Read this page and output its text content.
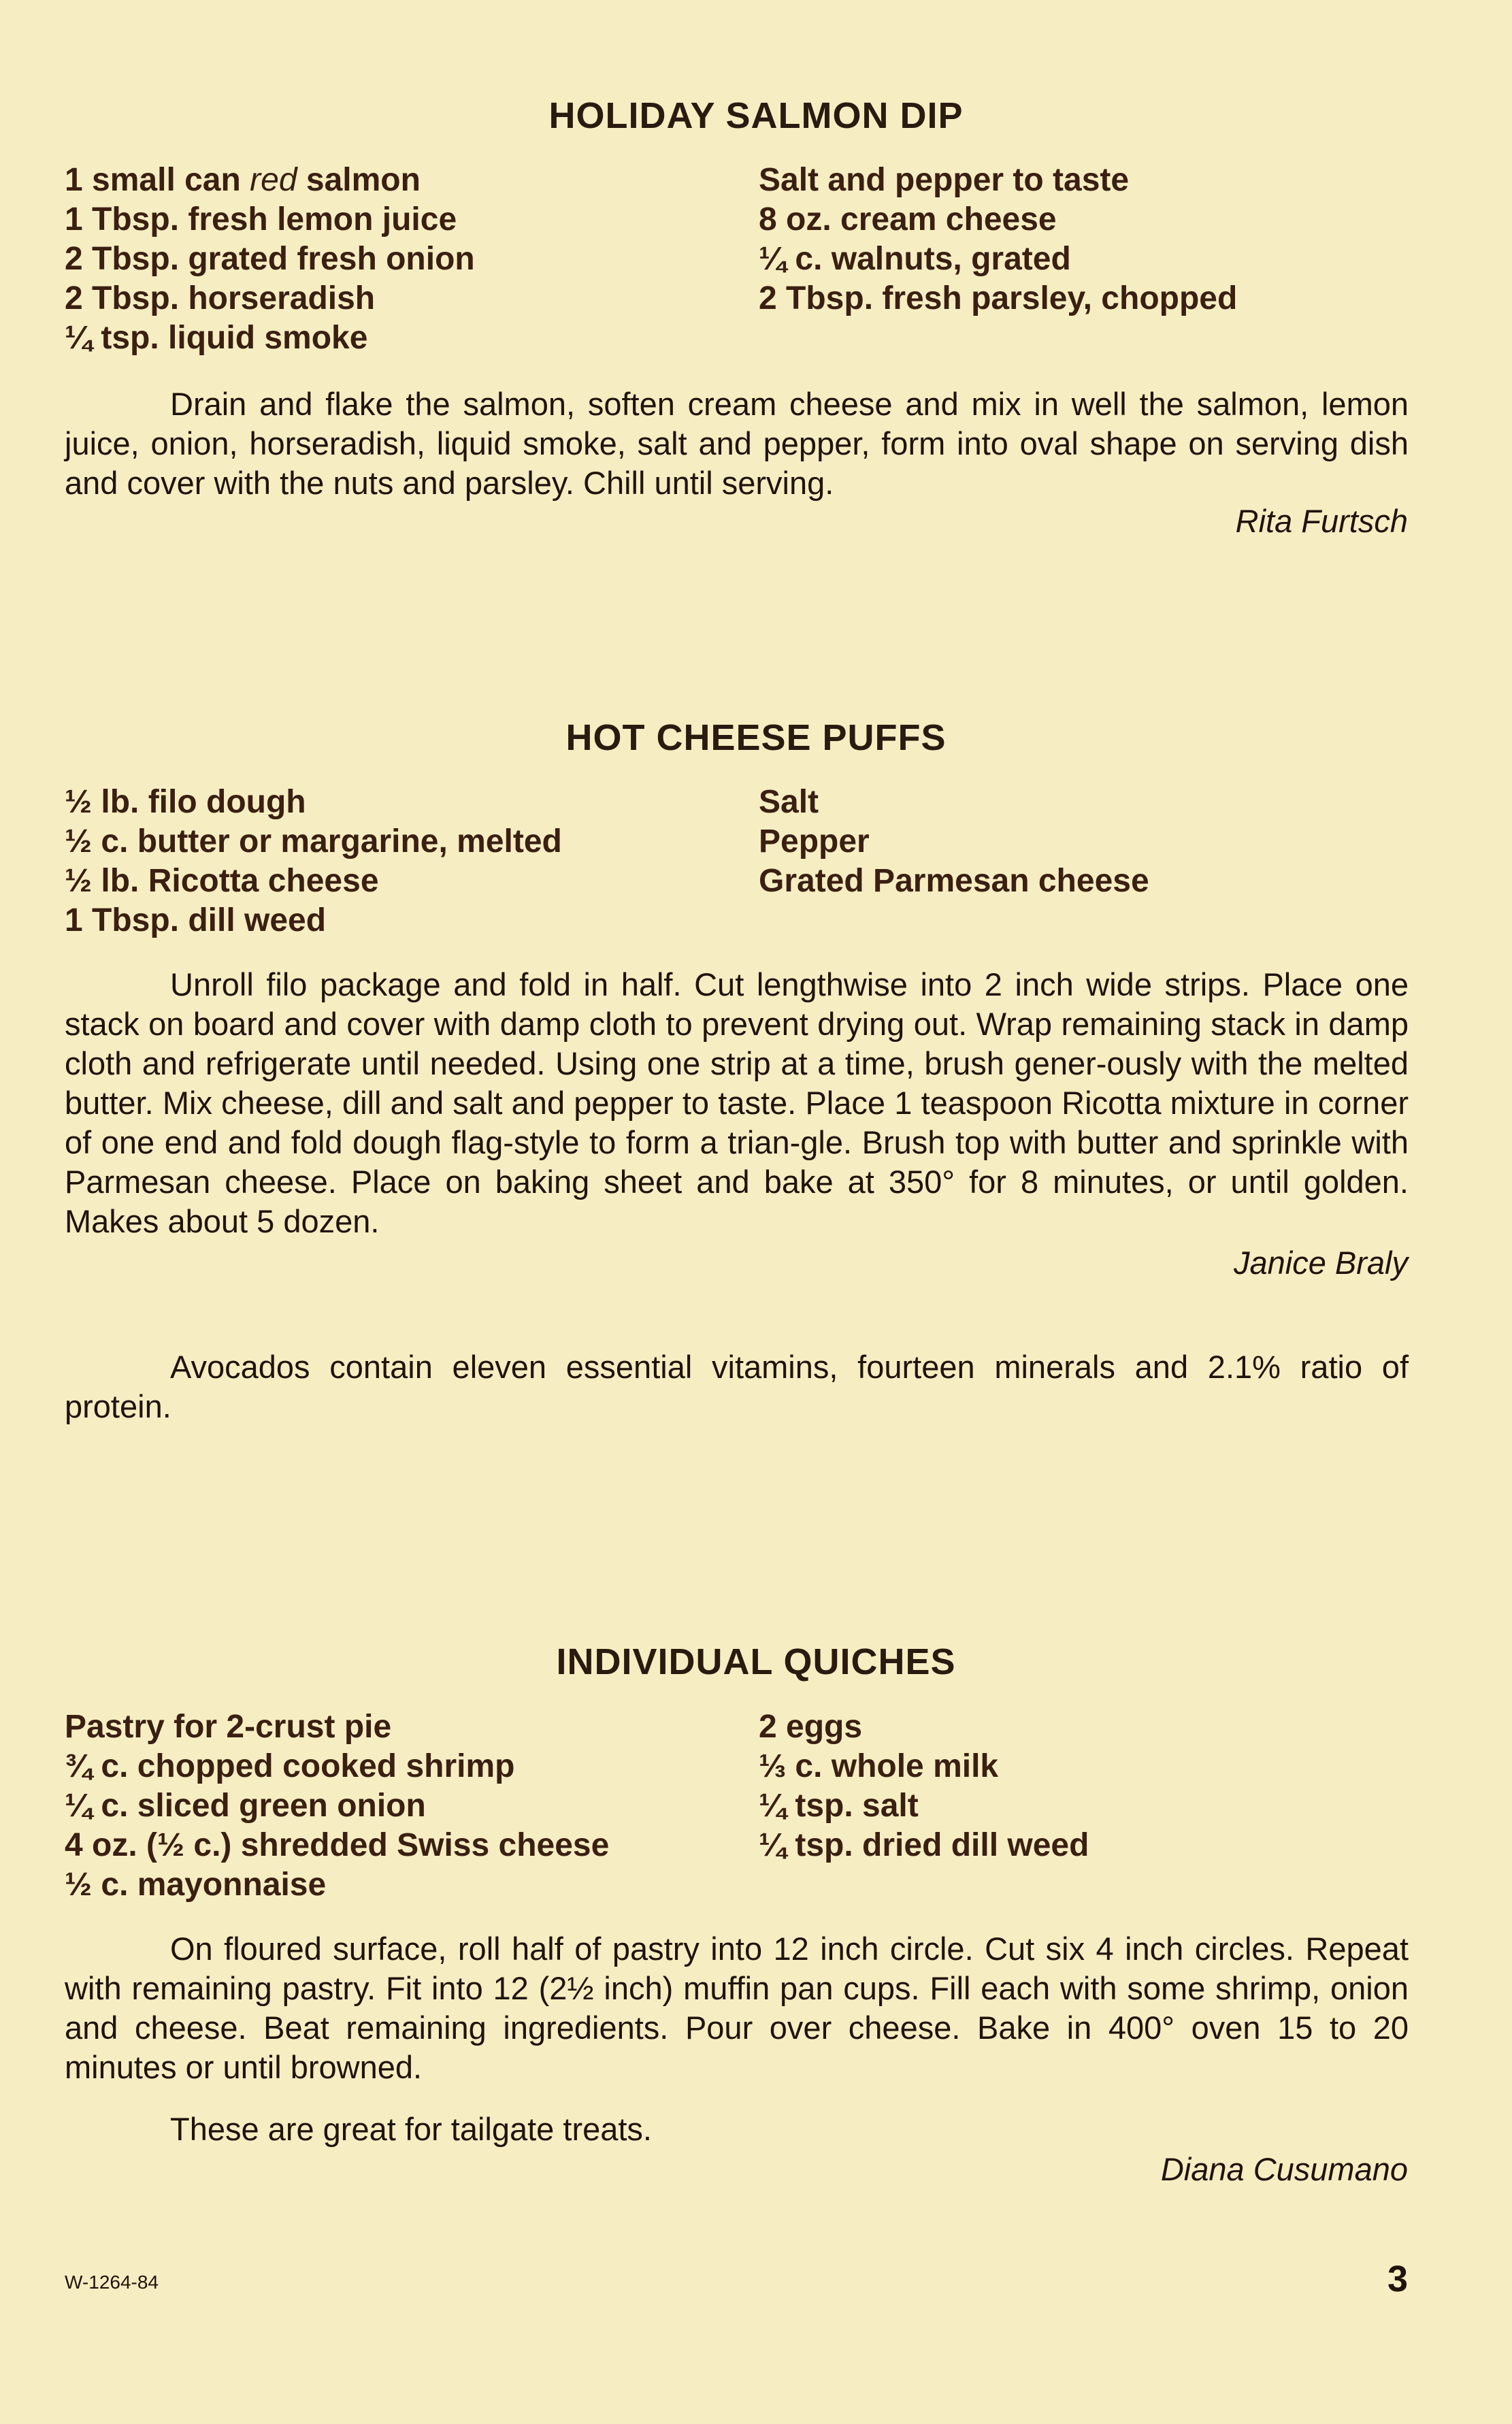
HOLIDAY SALMON DIP
1 small can red salmon
1 Tbsp. fresh lemon juice
2 Tbsp. grated fresh onion
2 Tbsp. horseradish
¼ tsp. liquid smoke
Salt and pepper to taste
8 oz. cream cheese
¼ c. walnuts, grated
2 Tbsp. fresh parsley, chopped
Drain and flake the salmon, soften cream cheese and mix in well the salmon, lemon juice, onion, horseradish, liquid smoke, salt and pepper, form into oval shape on serving dish and cover with the nuts and parsley. Chill until serving.
Rita Furtsch
HOT CHEESE PUFFS
½ lb. filo dough
½ c. butter or margarine, melted
½ lb. Ricotta cheese
1 Tbsp. dill weed
Salt
Pepper
Grated Parmesan cheese
Unroll filo package and fold in half. Cut lengthwise into 2 inch wide strips. Place one stack on board and cover with damp cloth to prevent drying out. Wrap remaining stack in damp cloth and refrigerate until needed. Using one strip at a time, brush gener-ously with the melted butter. Mix cheese, dill and salt and pepper to taste. Place 1 teaspoon Ricotta mixture in corner of one end and fold dough flag-style to form a trian-gle. Brush top with butter and sprinkle with Parmesan cheese. Place on baking sheet and bake at 350° for 8 minutes, or until golden. Makes about 5 dozen.
Janice Braly
Avocados contain eleven essential vitamins, fourteen minerals and 2.1% ratio of protein.
INDIVIDUAL QUICHES
Pastry for 2-crust pie
¾ c. chopped cooked shrimp
¼ c. sliced green onion
4 oz. (½ c.) shredded Swiss cheese
½ c. mayonnaise
2 eggs
⅓ c. whole milk
¼ tsp. salt
¼ tsp. dried dill weed
On floured surface, roll half of pastry into 12 inch circle. Cut six 4 inch circles. Repeat with remaining pastry. Fit into 12 (2½ inch) muffin pan cups. Fill each with some shrimp, onion and cheese. Beat remaining ingredients. Pour over cheese. Bake in 400° oven 15 to 20 minutes or until browned.
These are great for tailgate treats.
Diana Cusumano
W-1264-84	3
